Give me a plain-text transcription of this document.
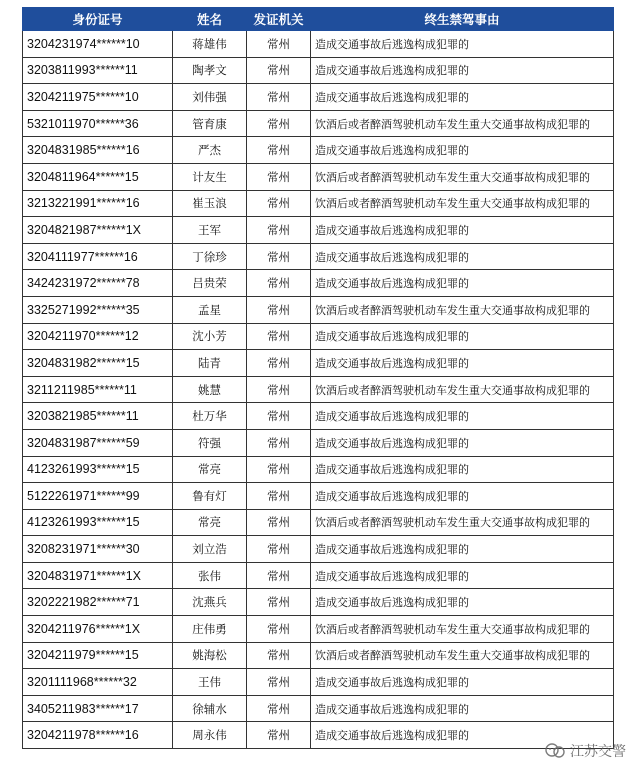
身份证号	姓名	发证机关	终生禁驾事由
3204231974******10	蒋雄伟	常州	造成交通事故后逃逸构成犯罪的
3203811993******11	陶孝文	常州	造成交通事故后逃逸构成犯罪的
3204211975******10	刘伟强	常州	造成交通事故后逃逸构成犯罪的
5321011970******36	管育康	常州	饮酒后或者醉酒驾驶机动车发生重大交通事故构成犯罪的
3204831985******16	严杰	常州	造成交通事故后逃逸构成犯罪的
3204811964******15	计友生	常州	饮酒后或者醉酒驾驶机动车发生重大交通事故构成犯罪的
3213221991******16	崔玉浪	常州	饮酒后或者醉酒驾驶机动车发生重大交通事故构成犯罪的
3204821987******1X	王军	常州	造成交通事故后逃逸构成犯罪的
3204111977******16	丁徐珍	常州	造成交通事故后逃逸构成犯罪的
3424231972******78	吕贵荣	常州	造成交通事故后逃逸构成犯罪的
3325271992******35	孟星	常州	饮酒后或者醉酒驾驶机动车发生重大交通事故构成犯罪的
3204211970******12	沈小芳	常州	造成交通事故后逃逸构成犯罪的
3204831982******15	陆青	常州	造成交通事故后逃逸构成犯罪的
3211211985******11	姚慧	常州	饮酒后或者醉酒驾驶机动车发生重大交通事故构成犯罪的
3203821985******11	杜万华	常州	造成交通事故后逃逸构成犯罪的
3204831987******59	符强	常州	造成交通事故后逃逸构成犯罪的
4123261993******15	常亮	常州	造成交通事故后逃逸构成犯罪的
5122261971******99	鲁有灯	常州	造成交通事故后逃逸构成犯罪的
4123261993******15	常亮	常州	饮酒后或者醉酒驾驶机动车发生重大交通事故构成犯罪的
3208231971******30	刘立浩	常州	造成交通事故后逃逸构成犯罪的
3204831971******1X	张伟	常州	造成交通事故后逃逸构成犯罪的
3202221982******71	沈燕兵	常州	造成交通事故后逃逸构成犯罪的
3204211976******1X	庄伟勇	常州	饮酒后或者醉酒驾驶机动车发生重大交通事故构成犯罪的
3204211979******15	姚海松	常州	饮酒后或者醉酒驾驶机动车发生重大交通事故构成犯罪的
3201111968******32	王伟	常州	造成交通事故后逃逸构成犯罪的
3405211983******17	徐辅水	常州	造成交通事故后逃逸构成犯罪的
3204211978******16	周永伟	常州	造成交通事故后逃逸构成犯罪的
江苏交警
